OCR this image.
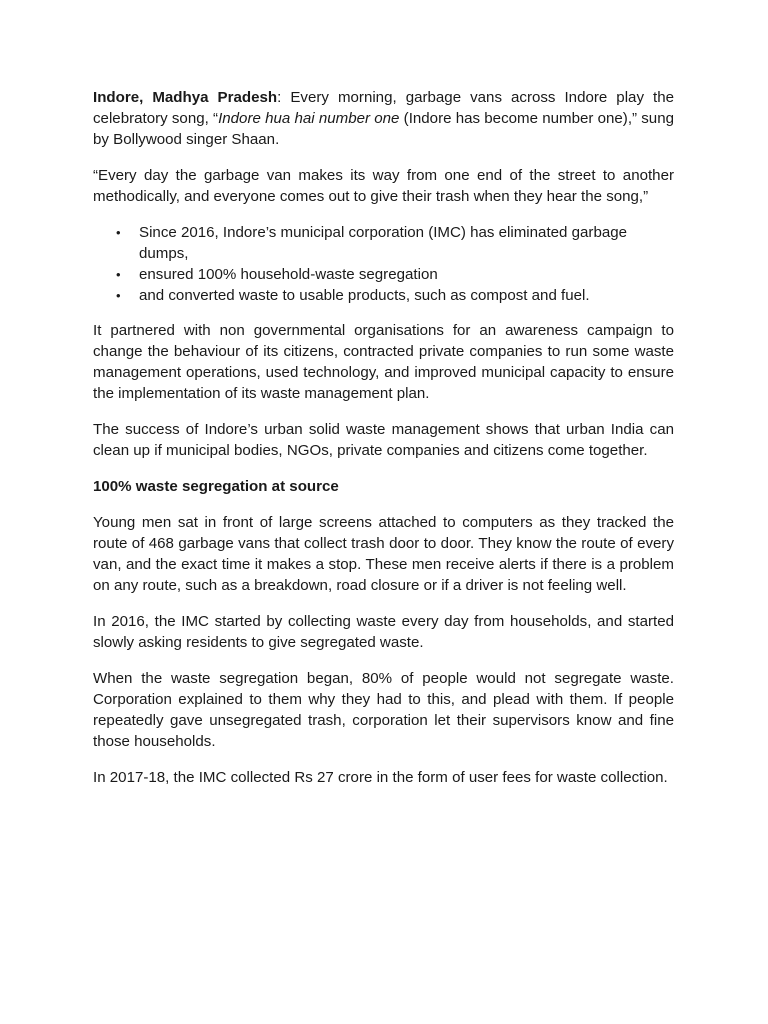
Indore, Madhya Pradesh: Every morning, garbage vans across Indore play the celebratory song, “Indore hua hai number one (Indore has become number one),” sung by Bollywood singer Shaan.

“Every day the garbage van makes its way from one end of the street to another methodically, and everyone comes out to give their trash when they hear the song,”

• Since 2016, Indore’s municipal corporation (IMC) has eliminated garbage dumps,
• ensured 100% household-waste segregation
• and converted waste to usable products, such as compost and fuel.

It partnered with non governmental organisations for an awareness campaign to change the behaviour of its citizens, contracted private companies to run some waste management operations, used technology, and improved municipal capacity to ensure the implementation of its waste management plan.

The success of Indore’s urban solid waste management shows that urban India can clean up if municipal bodies, NGOs, private companies and citizens come together.

100% waste segregation at source

Young men sat in front of large screens attached to computers as they tracked the route of 468 garbage vans that collect trash door to door. They know the route of every van, and the exact time it makes a stop. These men receive alerts if there is a problem on any route, such as a breakdown, road closure or if a driver is not feeling well.

In 2016, the IMC started by collecting waste every day from households, and started slowly asking residents to give segregated waste.

When the waste segregation began, 80% of people would not segregate waste. Corporation explained to them why they had to this, and plead with them. If people repeatedly gave unsegregated trash, corporation let their supervisors know and fine those households.

In 2017-18, the IMC collected Rs 27 crore in the form of user fees for waste collection.
